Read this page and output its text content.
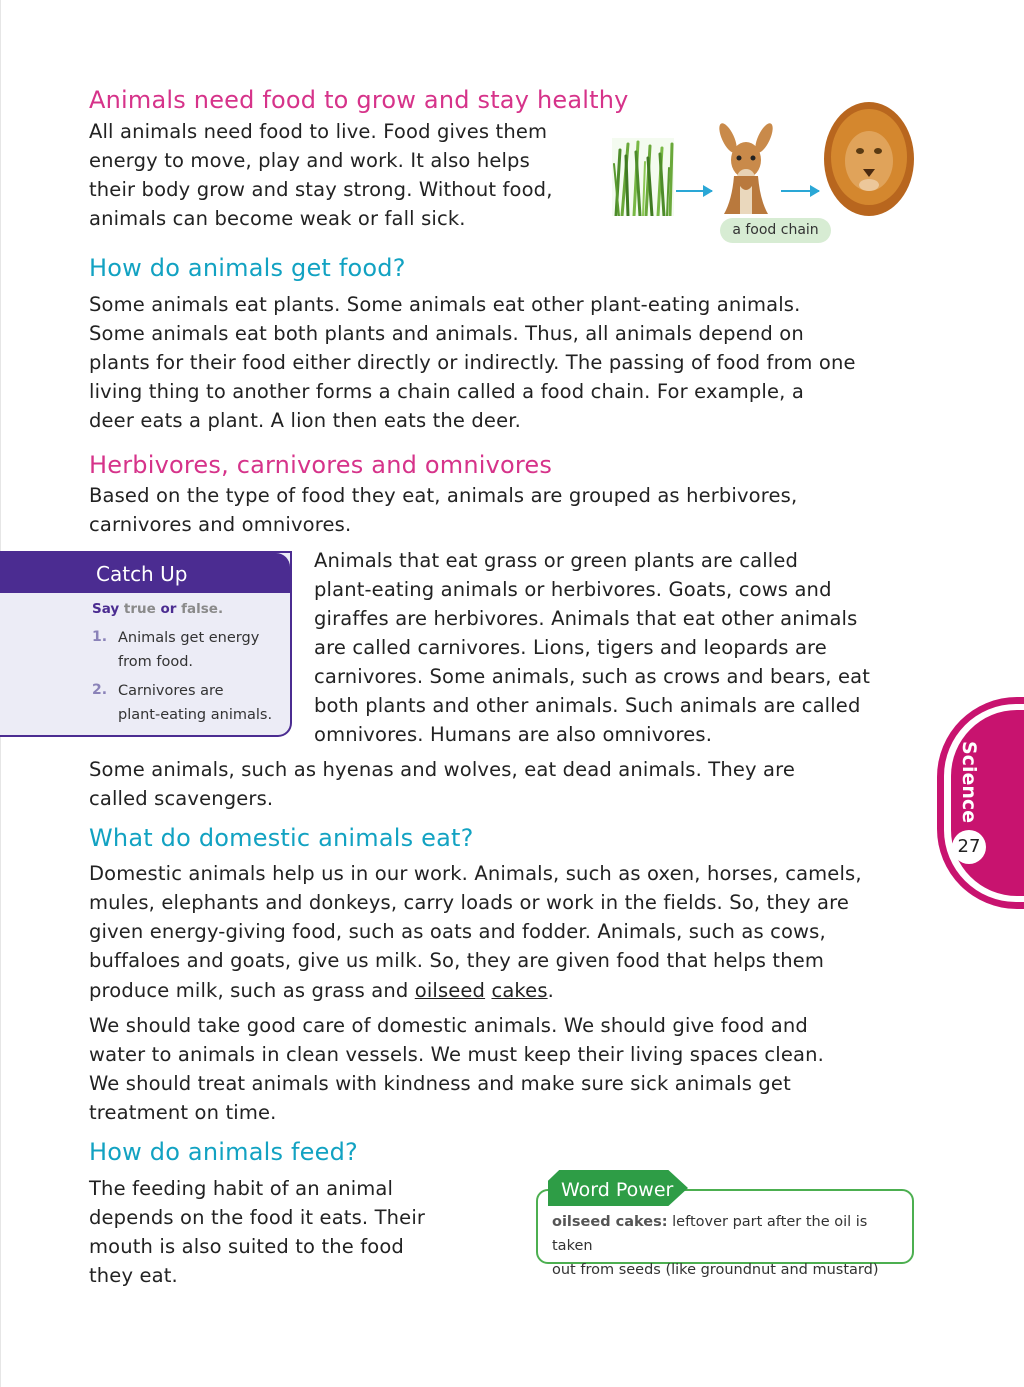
Animals need food to grow and stay healthy

All animals need food to live. Food gives them

energy to move, play and work. It also helps

their body grow and stay strong. Without food,

animals can become weak or fall sick.	a food chain
How do animals get food?

Some animals eat plants. Some animals eat other plant-eating animals.

Some animals eat both plants and animals. Thus, all animals depend on

plants for their food either directly or indirectly. The passing of food from one

living thing to another forms a chain called a food chain. For example, a

deer eats a plant. A lion then eats the deer.

Herbivores, carnivores and omnivores

Based on the type of food they eat, animals are grouped as herbivores,

carnivores and omnivores.

Animals that eat grass or green plants are called

plant-eating animals or herbivores. Goats, cows and

giraffes are herbivores. Animals that eat other animals

are called carnivores. Lions, tigers and leopards are

carnivores. Some animals, such as crows and bears, eat

both plants and other animals. Such animals are called

omnivores. Humans are also omnivores.

Some animals, such as hyenas and wolves, eat dead animals. They are

called scavengers.

Catch Up
Say true or false.
1. Animals get energy
from food.
2. Carnivores are
plant-eating animals.
What do domestic animals eat?

Domestic animals help us in our work. Animals, such as oxen, horses, camels,

mules, elephants and donkeys, carry loads or work in the fields. So, they are

given energy-giving food, such as oats and fodder. Animals, such as cows,

buffaloes and goats, give us milk. So, they are given food that helps them

produce milk, such as grass and oilseed cakes.

We should take good care of domestic animals. We should give food and

water to animals in clean vessels. We must keep their living spaces clean.

We should treat animals with kindness and make sure sick animals get

treatment on time.

How do animals feed?

The feeding habit of an animal

depends on the food it eats. Their

mouth is also suited to the food

they eat.

Word Power
oilseed cakes: leftover part after the oil is taken
out from seeds (like groundnut and mustard)
Science
27
